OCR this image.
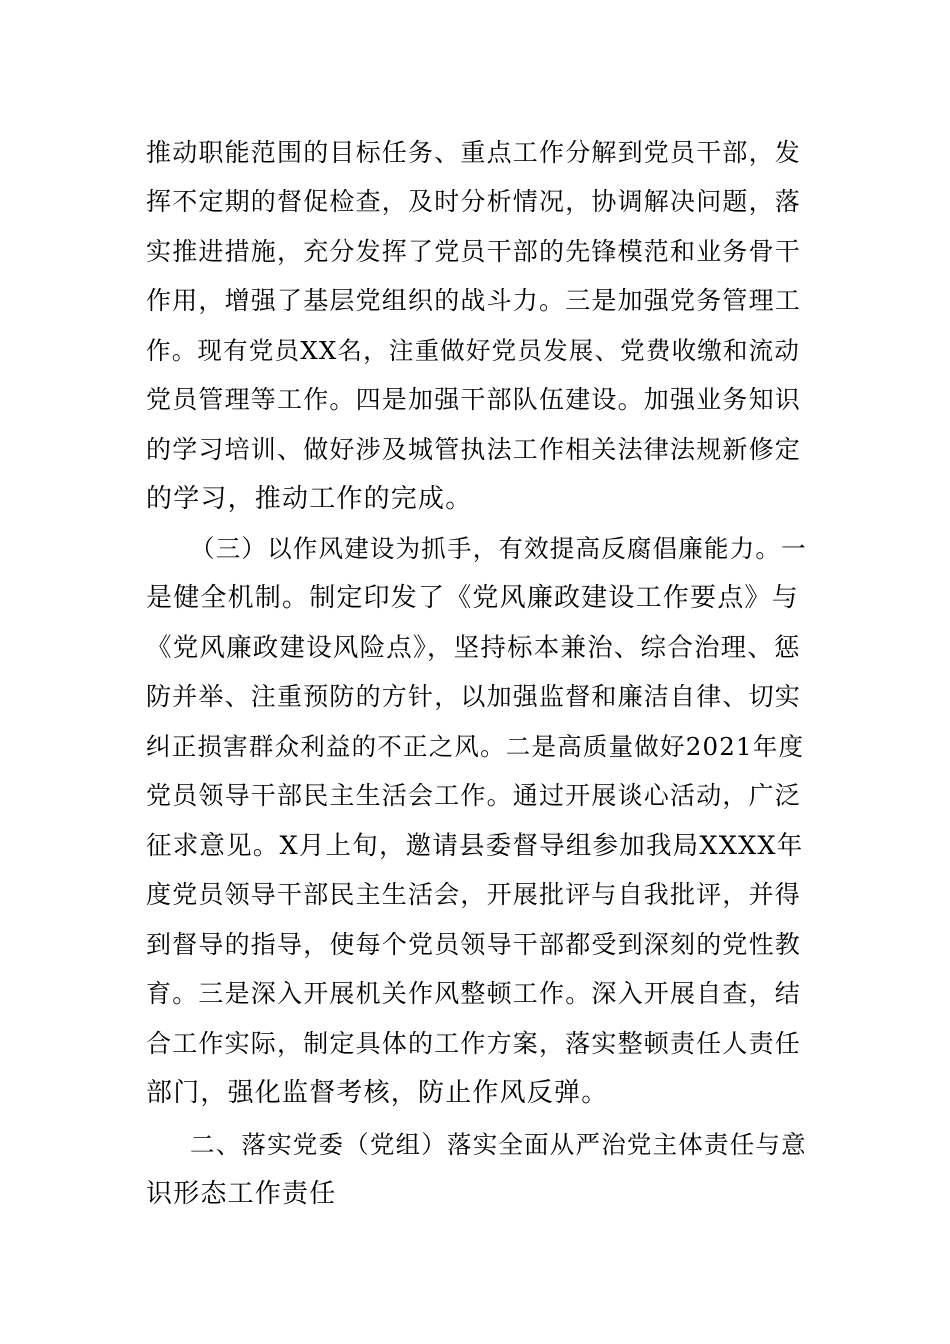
推动职能范围的目标任务、重点工作分解到党员干部，发
挥不定期的督促检查，及时分析情况，协调解决问题，落
实推进措施，充分发挥了党员干部的先锋模范和业务骨干
作用，增强了基层党组织的战斗力。三是加强党务管理工
作。现有党员XX名，注重做好党员发展、党费收缴和流动
党员管理等工作。四是加强干部队伍建设。加强业务知识
的学习培训、做好涉及城管执法工作相关法律法规新修定
的学习，推动工作的完成。
（三）以作风建设为抓手，有效提高反腐倡廉能力。一
是健全机制。制定印发了《党风廉政建设工作要点》与
《党风廉政建设风险点》，坚持标本兼治、综合治理、惩
防并举、注重预防的方针，以加强监督和廉洁自律、切实
纠正损害群众利益的不正之风。二是高质量做好2021年度
党员领导干部民主生活会工作。通过开展谈心活动，广泛
征求意见。X月上旬，邀请县委督导组参加我局XXXX年
度党员领导干部民主生活会，开展批评与自我批评，并得
到督导的指导，使每个党员领导干部都受到深刻的党性教
育。三是深入开展机关作风整顿工作。深入开展自查，结
合工作实际，制定具体的工作方案，落实整顿责任人责任
部门，强化监督考核，防止作风反弹。
二、落实党委（党组）落实全面从严治党主体责任与意
识形态工作责任
